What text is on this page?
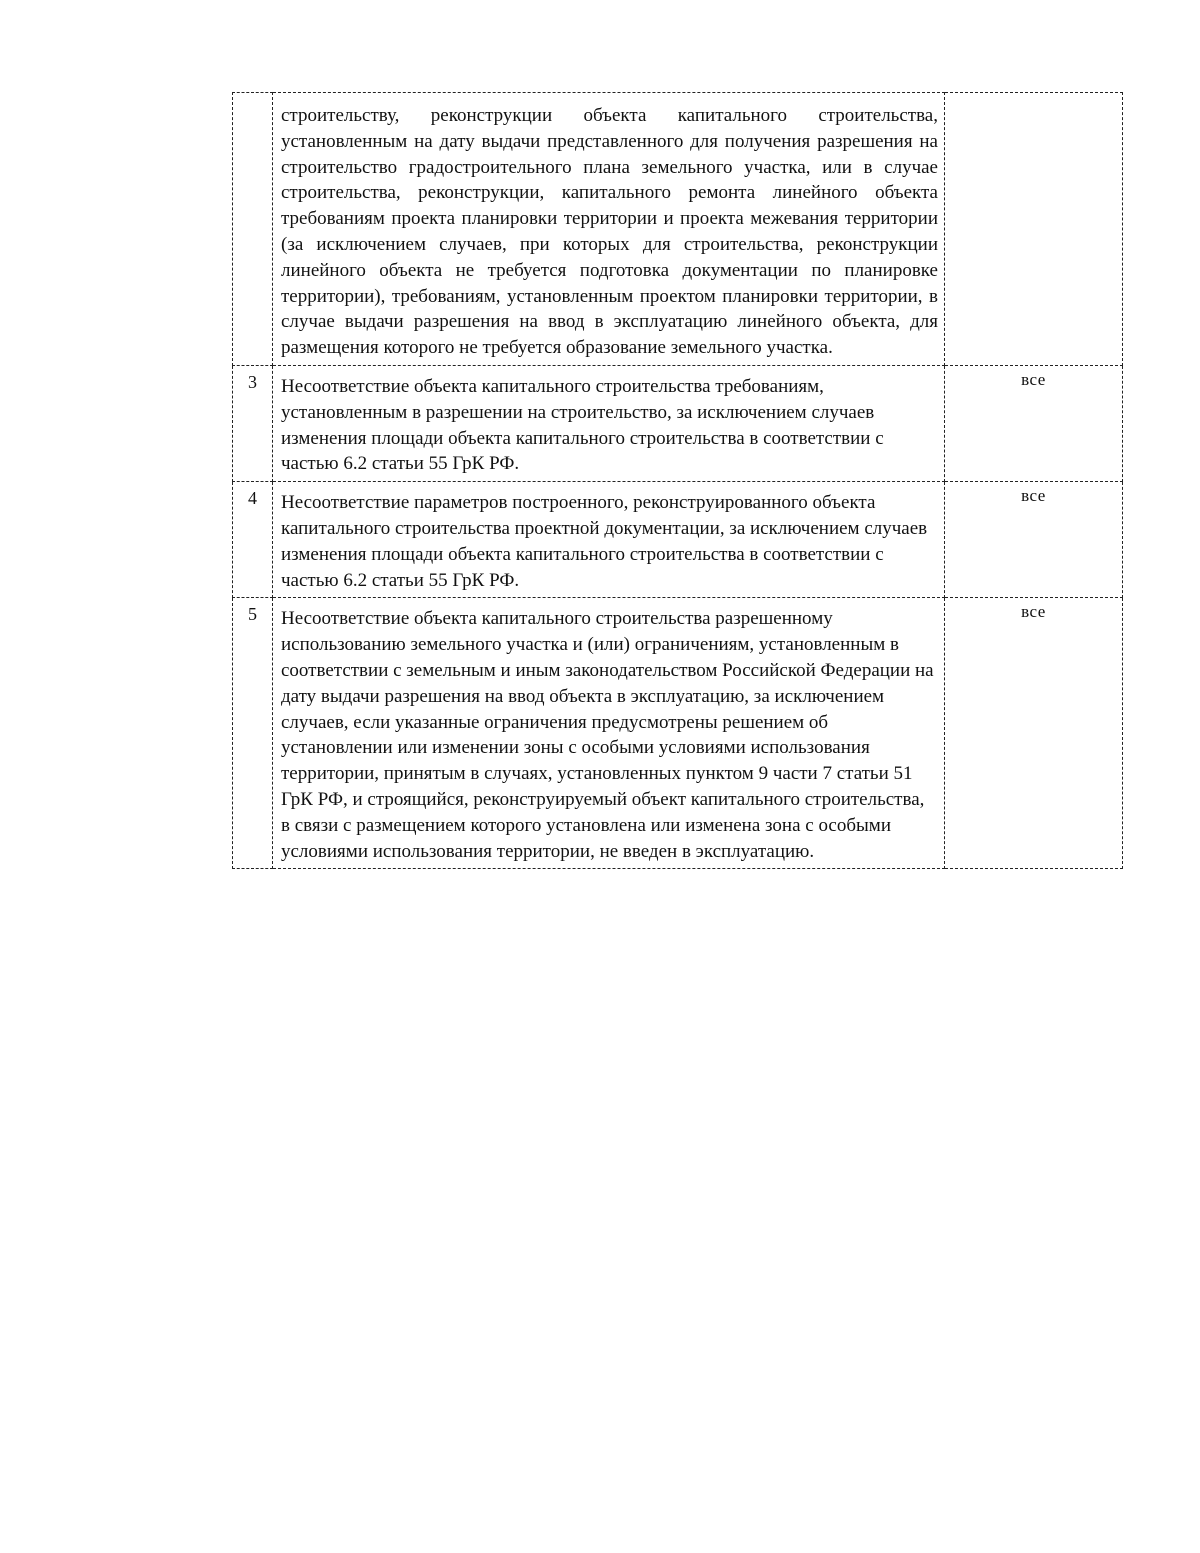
	строительству, реконструкции объекта капитального строительства, установленным на дату выдачи представленного для получения разрешения на строительство градостроительного плана земельного участка, или в случае строительства, реконструкции, капитального ремонта линейного объекта требованиям проекта планировки территории и проекта межевания территории (за исключением случаев, при которых для строительства, реконструкции линейного объекта не требуется подготовка документации по планировке территории), требованиям, установленным проектом планировки территории, в случае выдачи разрешения на ввод в эксплуатацию линейного объекта, для размещения которого не требуется образование земельного участка.	
3	Несоответствие объекта капитального строительства требованиям, установленным в разрешении на строительство, за исключением случаев изменения площади объекта капитального строительства в соответствии с частью 6.2 статьи 55 ГрК РФ.	все
4	Несоответствие параметров построенного, реконструированного объекта капитального строительства проектной документации, за исключением случаев изменения площади объекта капитального строительства в соответствии с частью 6.2 статьи 55 ГрК РФ.	все
5	Несоответствие объекта капитального строительства разрешенному использованию земельного участка и (или) ограничениям, установленным в соответствии с земельным и иным законодательством Российской Федерации на дату выдачи разрешения на ввод объекта в эксплуатацию, за исключением случаев, если указанные ограничения предусмотрены решением об установлении или изменении зоны с особыми условиями использования территории, принятым в случаях, установленных пунктом 9 части 7 статьи 51 ГрК РФ, и строящийся, реконструируемый объект капитального строительства, в связи с размещением которого установлена или изменена зона с особыми условиями использования территории, не введен в эксплуатацию.	все
